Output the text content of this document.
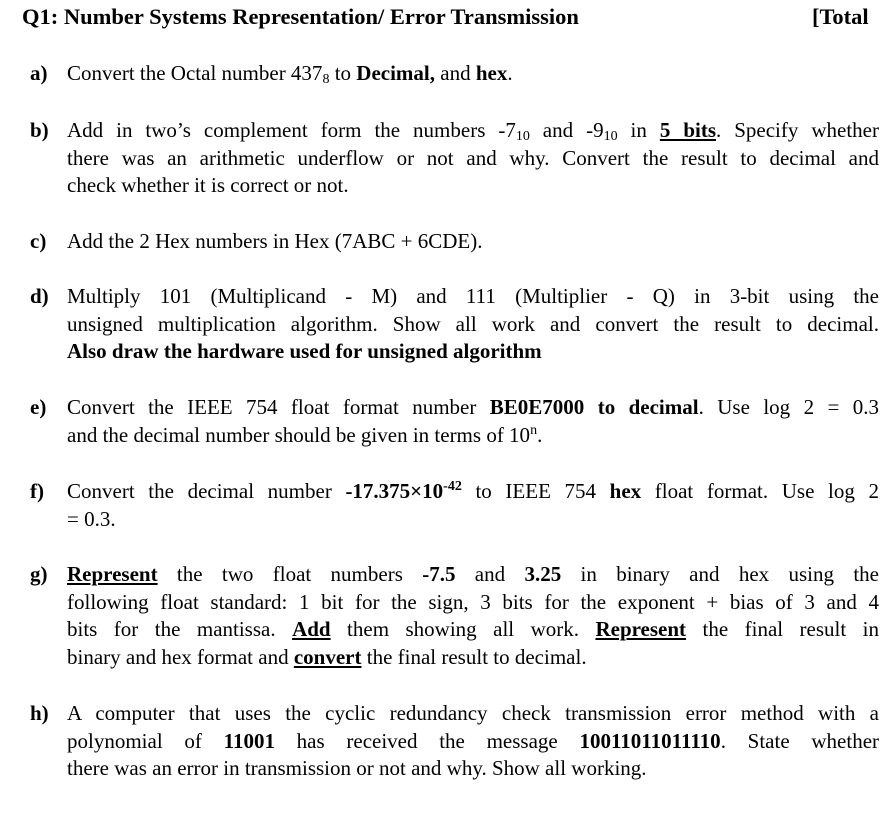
Q1: Number Systems Representation/ Error Transmission	[Total
a) Convert the Octal number $437_8$ to Decimal, and hex.
b) Add in two’s complement form the numbers $-7_{10}$ and $-9_{10}$ in 5 bits. Specify whether
there was an arithmetic underflow or not and why. Convert the result to decimal and
check whether it is correct or not.
c) Add the 2 Hex numbers in Hex (7ABC + 6CDE).
d) Multiply 101 (Multiplicand - M) and 111 (Multiplier - Q) in 3-bit using the
unsigned multiplication algorithm. Show all work and convert the result to decimal.
Also draw the hardware used for unsigned algorithm
e) Convert the IEEE 754 float format number BE0E7000 to decimal. Use log 2 = 0.3
and the decimal number should be given in terms of 10$^n$.
f) Convert the decimal number $-17.375\times 10^{-42}$ to IEEE 754 hex float format. Use log 2
= 0.3.
g) Represent the two float numbers -7.5 and 3.25 in binary and hex using the
following float standard: 1 bit for the sign, 3 bits for the exponent + bias of 3 and 4
bits for the mantissa. Add them showing all work. Represent the final result in
binary and hex format and convert the final result to decimal.
h) A computer that uses the cyclic redundancy check transmission error method with a
polynomial of 11001 has received the message 10011011011110. State whether
there was an error in transmission or not and why. Show all working.
